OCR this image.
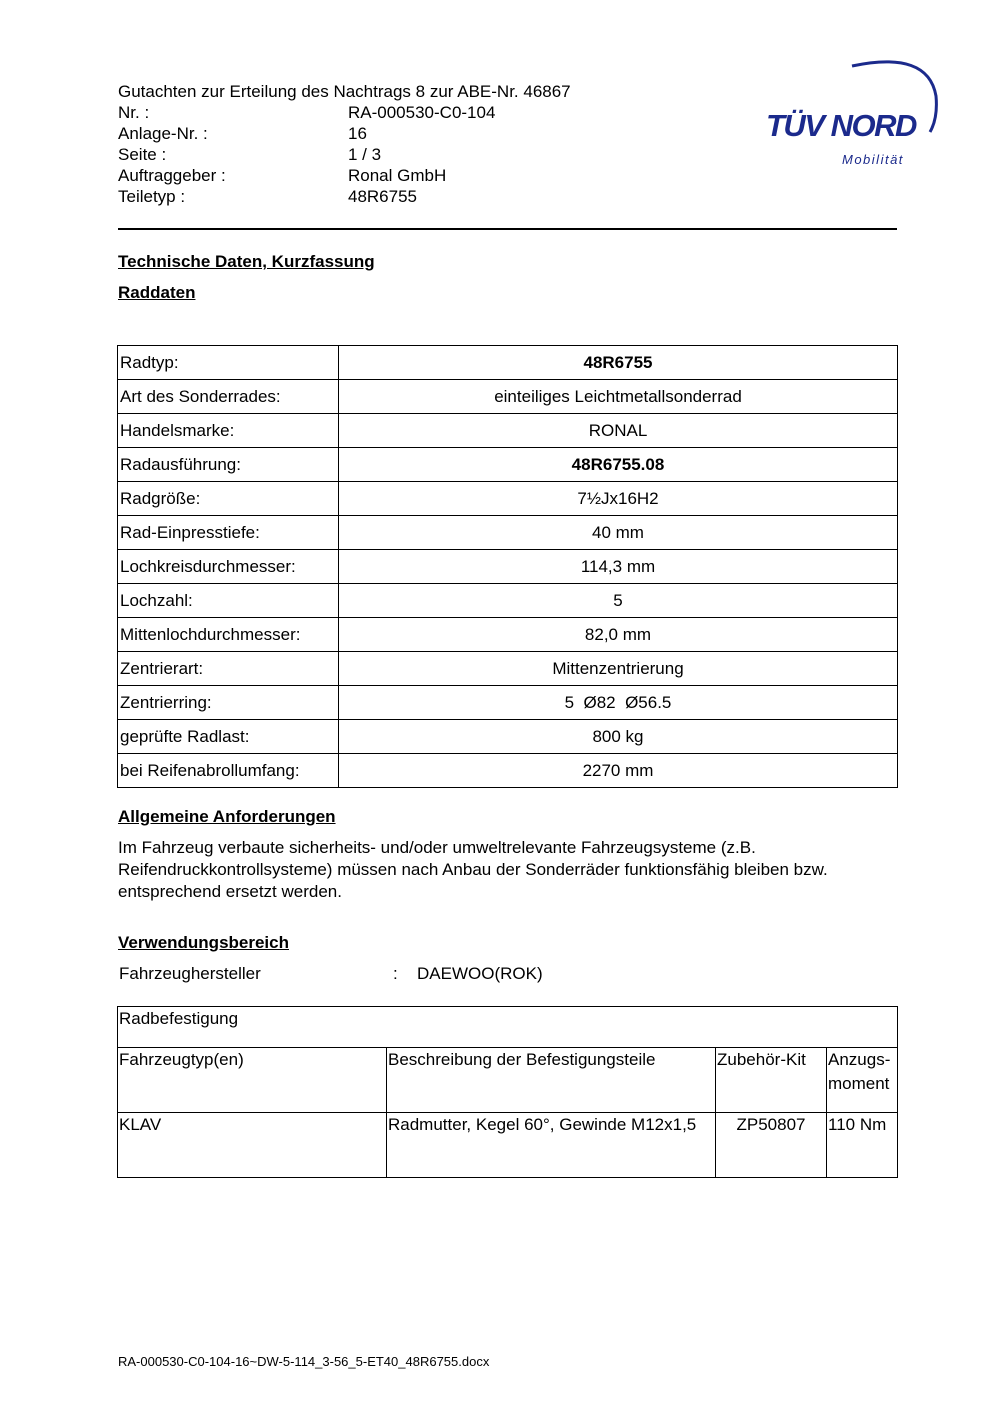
Gutachten zur Erteilung des Nachtrags 8 zur ABE-Nr. 46867
Nr. :	RA-000530-C0-104
Anlage-Nr. :	16
Seite :	1 / 3
Auftraggeber :	Ronal GmbH
Teiletyp :	48R6755
TÜV NORD
Mobilität
Technische Daten, Kurzfassung
Raddaten
Radtyp:	48R6755
Art des Sonderrades:	einteiliges Leichtmetallsonderrad
Handelsmarke:	RONAL
Radausführung:	48R6755.08
Radgröße:	7½Jx16H2
Rad-Einpresstiefe:	40 mm
Lochkreisdurchmesser:	114,3 mm
Lochzahl:	5
Mittenlochdurchmesser:	82,0 mm
Zentrierart:	Mittenzentrierung
Zentrierring:	5  Ø82  Ø56.5
geprüfte Radlast:	800 kg
bei Reifenabrollumfang:	2270 mm
Allgemeine Anforderungen
Im Fahrzeug verbaute sicherheits- und/oder umweltrelevante Fahrzeugsysteme (z.B. Reifendruckkontrollsysteme) müssen nach Anbau der Sonderräder funktionsfähig bleiben bzw. entsprechend ersetzt werden.
Verwendungsbereich
Fahrzeughersteller	: DAEWOO(ROK)
Radbefestigung			
Fahrzeugtyp(en)	Beschreibung der Befestigungsteile	Zubehör-Kit	Anzugs-moment
KLAV	Radmutter, Kegel 60°, Gewinde M12x1,5	ZP50807	110 Nm
RA-000530-C0-104-16~DW-5-114_3-56_5-ET40_48R6755.docx
